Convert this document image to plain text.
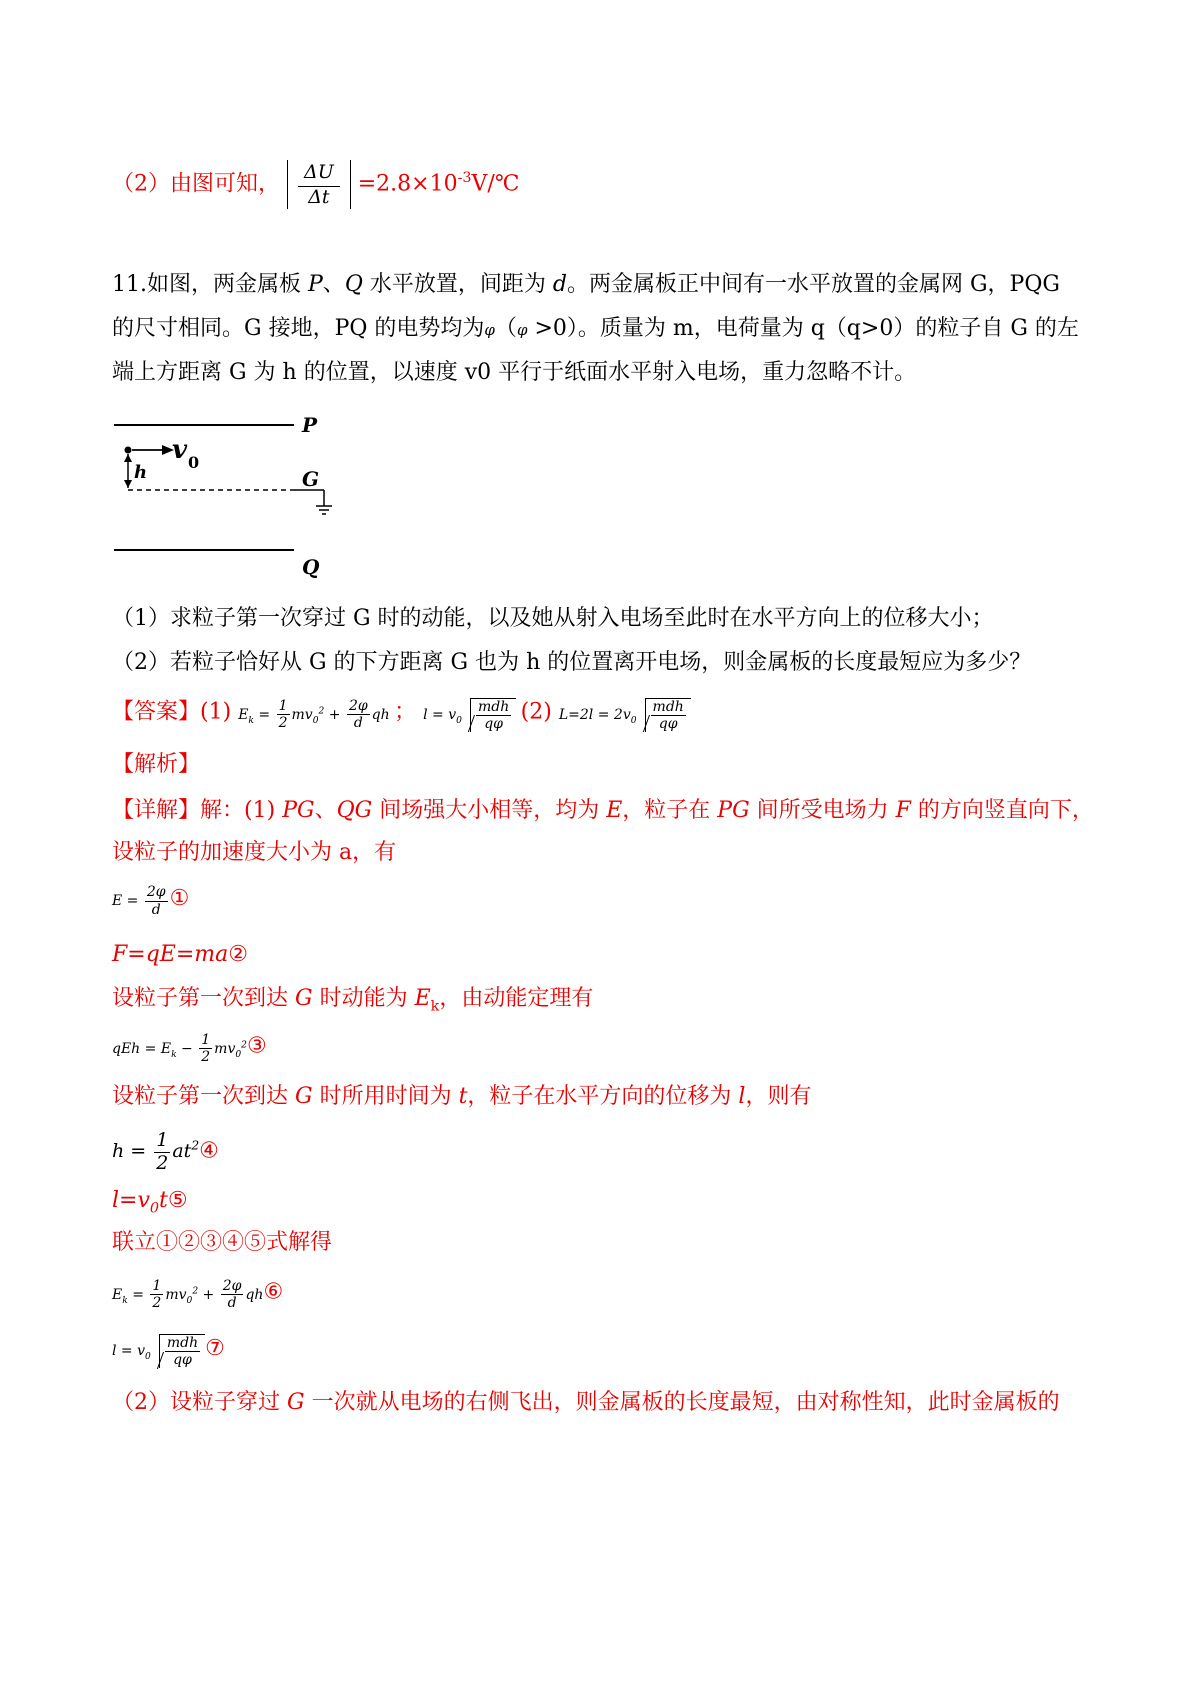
（2）由图可知， $\frac{\Delta U}{\Delta t}$ $=2.8\times 10^{-3}V/℃$
11.如图，两金属板 P、Q 水平放置，间距为 d。两金属板正中间有一水平放置的金属网 G，PQG
的尺寸相同。G 接地，PQ 的电势均为φ（φ >0）。质量为 m，电荷量为 q（q>0）的粒子自 G 的左
端上方距离 G 为 h 的位置，以速度 v0 平行于纸面水平射入电场，重力忽略不计。
P
v 0
h	G
Q
（1）求粒子第一次穿过 G 时的动能，以及她从射入电场至此时在水平方向上的位移大小；
（2）若粒子恰好从 G 的下方距离 G 也为 h 的位置离开电场，则金属板的长度最短应为多少？
【答案】(1) $E_k = \frac{1}{2} mv_0^2 + \frac{2\varphi}{d}$ qh ； $l = v_0 \frac{\text{mdh}}{q\varphi} (2) L=2l = 2v_0 \frac{\text{mdh}}{q\varphi}$
【解析】
【详解】解：(1) PG、QG 间场强大小相等，均为 E，粒子在 PG 间所受电场力 F 的方向竖直向下，
设粒子的加速度大小为 a，有
$E = \frac{2\varphi}{d}$ ①
F=qE=ma②
设粒子第一次到达 G 时动能为 $E_k$，由动能定理有
qEh = $E_k - \frac{1}{2}$ $mv_0^2③$
设粒子第一次到达 G 时所用时间为 t，粒子在水平方向的位移为 l，则有
$h = \frac{1}{2}$ $at^2④$
$l=v_0t⑤$
联立①②③④⑤式解得
$E_k = \frac{1}{2} mv_0^2 + \frac{2\varphi}{d}$ qh⑥
$l = v_0 \frac{\text{mdh}}{q\varphi}$ ⑦
（2）设粒子穿过 G 一次就从电场的右侧飞出，则金属板的长度最短，由对称性知，此时金属板的
